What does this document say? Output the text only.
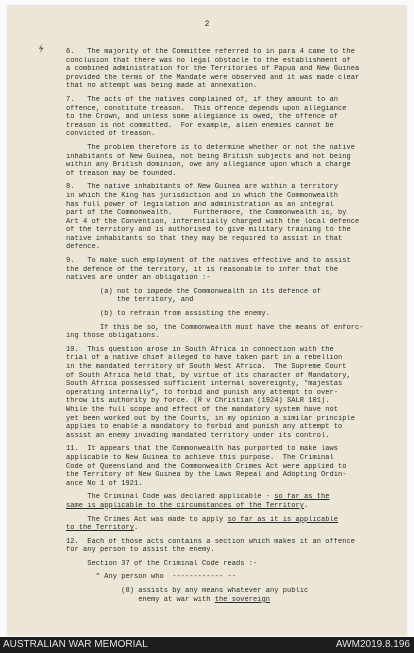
2
⚡	6.   The majority of the Committee referred to in para 4 came to the
conclusion that there was no legal obstacle to the establishment of
a combined administration for the Territories of Papua and New Guinea
provided the terms of the Mandate were observed and it was made clear
that no attempt was being made at annexation.
7.   The acts of the natives complained of, if they amount to an
offence, constitute treason.  This offence depends upon allegiance
to the Crown, and unless some allegiance is owed, the offence of
treason is not committed.  For example, alien enemies cannot be
convicted of treason.
The problem therefore is to determine whether or not the native
inhabitants of New Guinea, not being British subjects and not being
within any British dominion, owe any allegiance upon which a charge
of treason may be founded.
8.   The native inhabitants of New Guinea are within a territory
in which the King has jurisdiction and in which the Commonwealth
has full power of legislation and administration as an integral
part of the Commonwealth.     Furthermore, the Commonwealth is, by
Art 4 of the Convention, inferentially charged with the local defence
of the territory and is authorised to give military training to the
native inhabitants so that they may be required to assist in that
defence.
9.   To make such employment of the natives effective and to assist
the defence of the territory, it is reasonable to infer that the
natives are under an obligation :-
(a) not to impede the Commonwealth in its defence of
the territory, and
(b) to refrain from assisting the enemy.
If this be so, the Commonwealth must have the means of enforc-
ing those obligations.
10.  This question arose in South Africa in connection with the
trial of a native chief alleged to have taken part in a rebellion
in the mandated territory of South West Africa.  The Supreme Court
of South Africa held that, by virtue of its character of Mandatory,
South Africa possessed sufficient internal sovereignty, "majestas
operating internally", to forbid and punish any attempt to over-
throw its authority by force. (R v Christian (1924) SALR 101).
While the full scope and effect of the mandatory system have not
yet been worked out by the Courts, in my opinion a similar principle
applies to enable a mandatory to forbid and punish any attempt to
assist an enemy invading mandated territory under its control.
11.  It appears that the Commonwealth has purported to make laws
applicable to New Guinea to achieve this purpose.  The Criminal
Code of Queensland and the Commonwealth Crimes Act were applied to
the Territory of New Guinea by the Laws Repeal and Adopting Ordin-
ance No 1 of 1921.
The Criminal Code was declared applicable - so far as the
same is applicable to the circumstances of the Territory.
The Crimes Act was made to apply so far as it is applicable
to the Territory.
12.  Each of those acts contains a section which makes it an offence
for any person to assist the enemy.
Section 37 of the Criminal Code reads :-
" Any person who  ------------ --
(8) assists by any means whatever any public
enemy at war with the sovereign
AUSTRALIAN WAR MEMORIAL	AWM2019.8.196
